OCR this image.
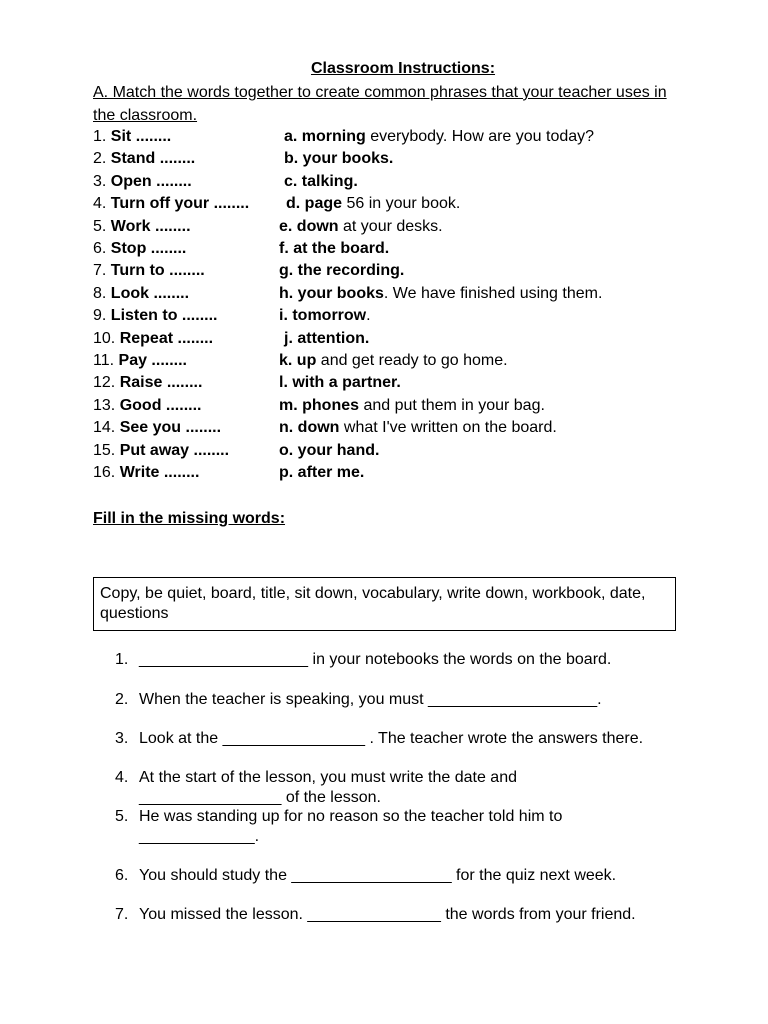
Classroom Instructions:
A. Match the words together to create common phrases that your teacher uses in the classroom.
1. Sit ........	a. morning everybody. How are you today?
2. Stand ........	b. your books.
3. Open ........	c. talking.
4. Turn off your ........ d. page 56 in your book.
5. Work ........	e. down at your desks.
6. Stop ........	f. at the board.
7. Turn to ........	g. the recording.
8. Look ........	h. your books. We have finished using them.
9. Listen to ........	i. tomorrow.
10. Repeat ........	j. attention.
11. Pay ........	k. up and get ready to go home.
12. Raise ........	l. with a partner.
13. Good ........	m. phones and put them in your bag.
14. See you ........	n. down what I've written on the board.
15. Put away ........	o. your hand.
16. Write ........	p. after me.
Fill in the missing words:
Copy, be quiet, board, title, sit down, vocabulary, write down, workbook, date, questions
1. ___________________ in your notebooks the words on the board.
2. When the teacher is speaking, you must ___________________.
3. Look at the ________________ . The teacher wrote the answers there.
4. At the start of the lesson, you must write the date and
________________ of the lesson.
5. He was standing up for no reason so the teacher told him to
_____________.
6. You should study the __________________ for the quiz next week.
7. You missed the lesson. _______________ the words from your friend.
